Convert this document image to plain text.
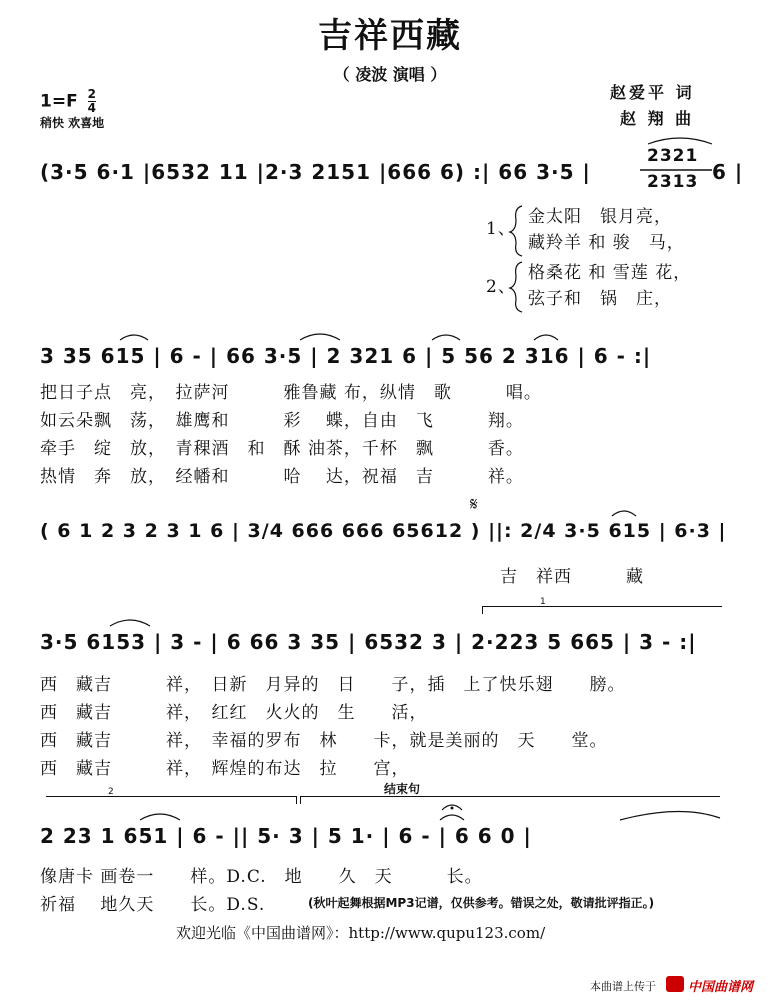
吉祥西藏
（ 凌波 演唱 ）
$1=F \frac{2}{4}$
稍快 欢喜地
赵爱平 词
赵 翔 曲
(3·5 6·1 |6532 11 |2·3 2151 |666 6) :| 66 3·5 |
2321
2313 6 |
1、
2、
金太阳　银月亮，
藏羚羊 和 骏　马，
格桑花 和 雪莲 花，
弦子和　锅　庄，
3 35 615 | 6 - | 66 3·5 | 2 321 6 | 5 56 2 316 | 6 - :|
把日子点　亮，　拉萨河　　　雅鲁藏 布，纵情　歌　　　唱。
如云朵飘　荡，　雄鹰和　　　彩　 蝶，自由　飞　　　翔。
牵手　绽　放，　青稞酒　和　酥 油茶，千杯　飘　　　香。
热情　奔　放，　经幡和　　　哈　 达，祝福　吉　　　祥。
𝄋
( 6 1 2 3 2 3 1 6 | 3/4 666 666 65612 ) ||: 2/4 3·5 615 | 6·3 |
吉　祥西　　　藏
1
3·5 6153 | 3 - | 6 66 3 35 | 6532 3 | 2·223 5 665 | 3 - :|
西　藏吉　　　祥，　日新　月异的　日　　子，插　上了快乐翅　　膀。
西　藏吉　　　祥，　红红　火火的　生　　活，
西　藏吉　　　祥，　幸福的罗布　林　　卡，就是美丽的　天　　堂。
西　藏吉　　　祥，　辉煌的布达　拉　　宫，
2	结束句
2 23 1 651 | 6 - || 5· 3 | 5 1· | 6 - | 6 6 0 |
像唐卡 画卷一　　样。D.C.　地　　久　天　　　长。
祈福　 地久天　　长。D.S.	(秋叶起舞根据MP3记谱，仅供参考。错误之处，敬请批评指正。)
欢迎光临《中国曲谱网》：http://www.qupu123.com/
本曲谱上传于 中国曲谱网
